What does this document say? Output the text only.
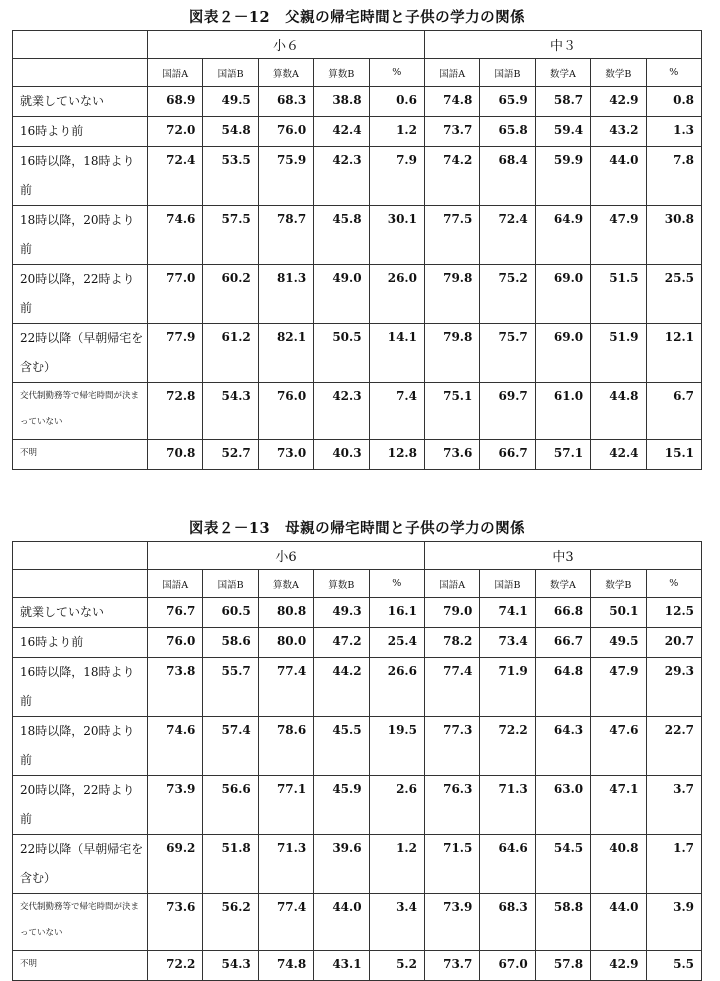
図表２－12　父親の帰宅時間と子供の学力の関係
	小６					中３				
	国語A	国語B	算数A	算数B	%	国語A	国語B	数学A	数学B	%
就業していない	68.9	49.5	68.3	38.8	0.6	74.8	65.9	58.7	42.9	0.8
16時より前	72.0	54.8	76.0	42.4	1.2	73.7	65.8	59.4	43.2	1.3
16時以降，18時より前	72.4	53.5	75.9	42.3	7.9	74.2	68.4	59.9	44.0	7.8
18時以降，20時より前	74.6	57.5	78.7	45.8	30.1	77.5	72.4	64.9	47.9	30.8
20時以降，22時より前	77.0	60.2	81.3	49.0	26.0	79.8	75.2	69.0	51.5	25.5
22時以降（早朝帰宅を含む）	77.9	61.2	82.1	50.5	14.1	79.8	75.7	69.0	51.9	12.1
交代制勤務等で帰宅時間が決まっていない	72.8	54.3	76.0	42.3	7.4	75.1	69.7	61.0	44.8	6.7
不明	70.8	52.7	73.0	40.3	12.8	73.6	66.7	57.1	42.4	15.1
図表２－13　母親の帰宅時間と子供の学力の関係
	小6					中3				
	国語A	国語B	算数A	算数B	%	国語A	国語B	数学A	数学B	%
就業していない	76.7	60.5	80.8	49.3	16.1	79.0	74.1	66.8	50.1	12.5
16時より前	76.0	58.6	80.0	47.2	25.4	78.2	73.4	66.7	49.5	20.7
16時以降，18時より前	73.8	55.7	77.4	44.2	26.6	77.4	71.9	64.8	47.9	29.3
18時以降，20時より前	74.6	57.4	78.6	45.5	19.5	77.3	72.2	64.3	47.6	22.7
20時以降，22時より前	73.9	56.6	77.1	45.9	2.6	76.3	71.3	63.0	47.1	3.7
22時以降（早朝帰宅を含む）	69.2	51.8	71.3	39.6	1.2	71.5	64.6	54.5	40.8	1.7
交代制勤務等で帰宅時間が決まっていない	73.6	56.2	77.4	44.0	3.4	73.9	68.3	58.8	44.0	3.9
不明	72.2	54.3	74.8	43.1	5.2	73.7	67.0	57.8	42.9	5.5
